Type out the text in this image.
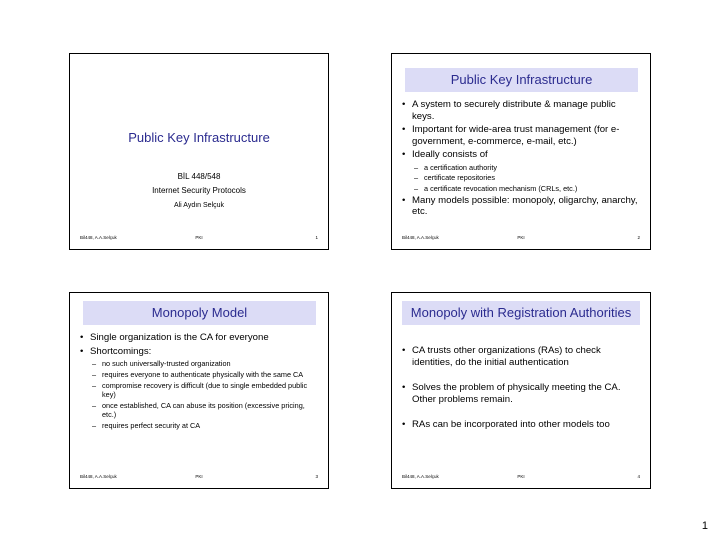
Public Key Infrastructure
BİL 448/548
Internet Security Protocols
Ali Aydın Selçuk
Bil448, A.A.Selçuk	PKI	1
Public Key Infrastructure
• A system to securely distribute & manage public keys.
• Important for wide-area trust management (for e-government, e-commerce, e-mail, etc.)
• Ideally consists of
– a certification authority
– certificate repositories
– a certificate revocation mechanism (CRLs, etc.)
• Many models possible: monopoly, oligarchy, anarchy, etc.
Bil448, A.A.Selçuk	PKI	2
Monopoly Model
• Single organization is the CA for everyone
• Shortcomings:
– no such universally-trusted organization
– requires everyone to authenticate physically with the same CA
– compromise recovery is difficult (due to single embedded public key)
– once established, CA can abuse its position (excessive pricing, etc.)
– requires perfect security at CA
Bil448, A.A.Selçuk	PKI	3
Monopoly with Registration Authorities
• CA trusts other organizations (RAs) to check identities, do the initial authentication
• Solves the problem of physically meeting the CA. Other problems remain.
• RAs can be incorporated into other models too
Bil448, A.A.Selçuk	PKI	4
1
